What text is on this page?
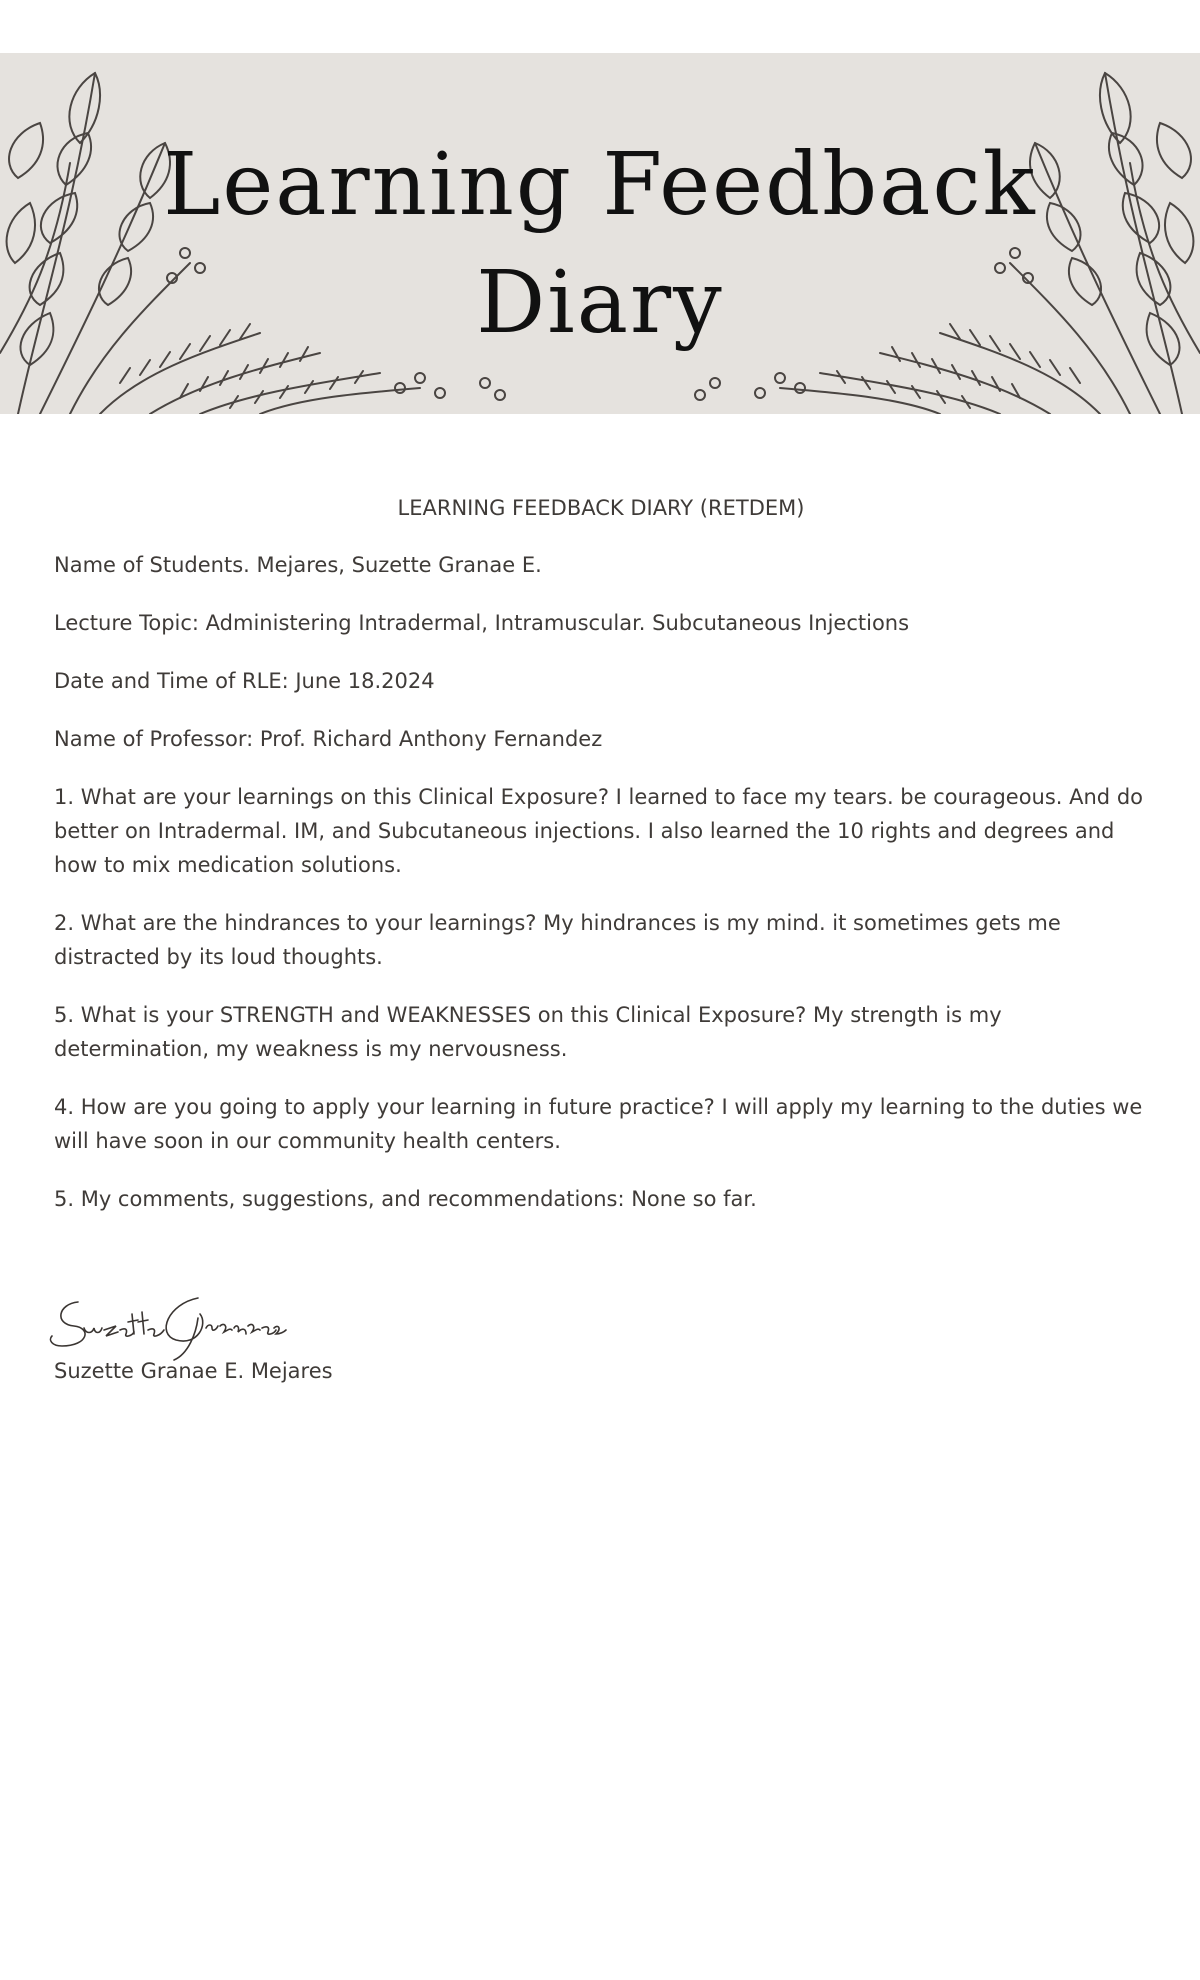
Learning Feedback
Diary
LEARNING FEEDBACK DIARY (RETDEM)
Name of Students. Mejares, Suzette Granae E.
Lecture Topic: Administering Intradermal, Intramuscular. Subcutaneous Injections
Date and Time of RLE: June 18.2024
Name of Professor: Prof. Richard Anthony Fernandez
1. What are your learnings on this Clinical Exposure? I learned to face my tears. be courageous. And do better on Intradermal. IM, and Subcutaneous injections. I also learned the 10 rights and degrees and how to mix medication solutions.
2. What are the hindrances to your learnings? My hindrances is my mind. it sometimes gets me distracted by its loud thoughts.
5. What is your STRENGTH and WEAKNESSES on this Clinical Exposure? My strength is my determination, my weakness is my nervousness.
4. How are you going to apply your learning in future practice? I will apply my learning to the duties we will have soon in our community health centers.
5. My comments, suggestions, and recommendations: None so far.
Suzette Granae E. Mejares
